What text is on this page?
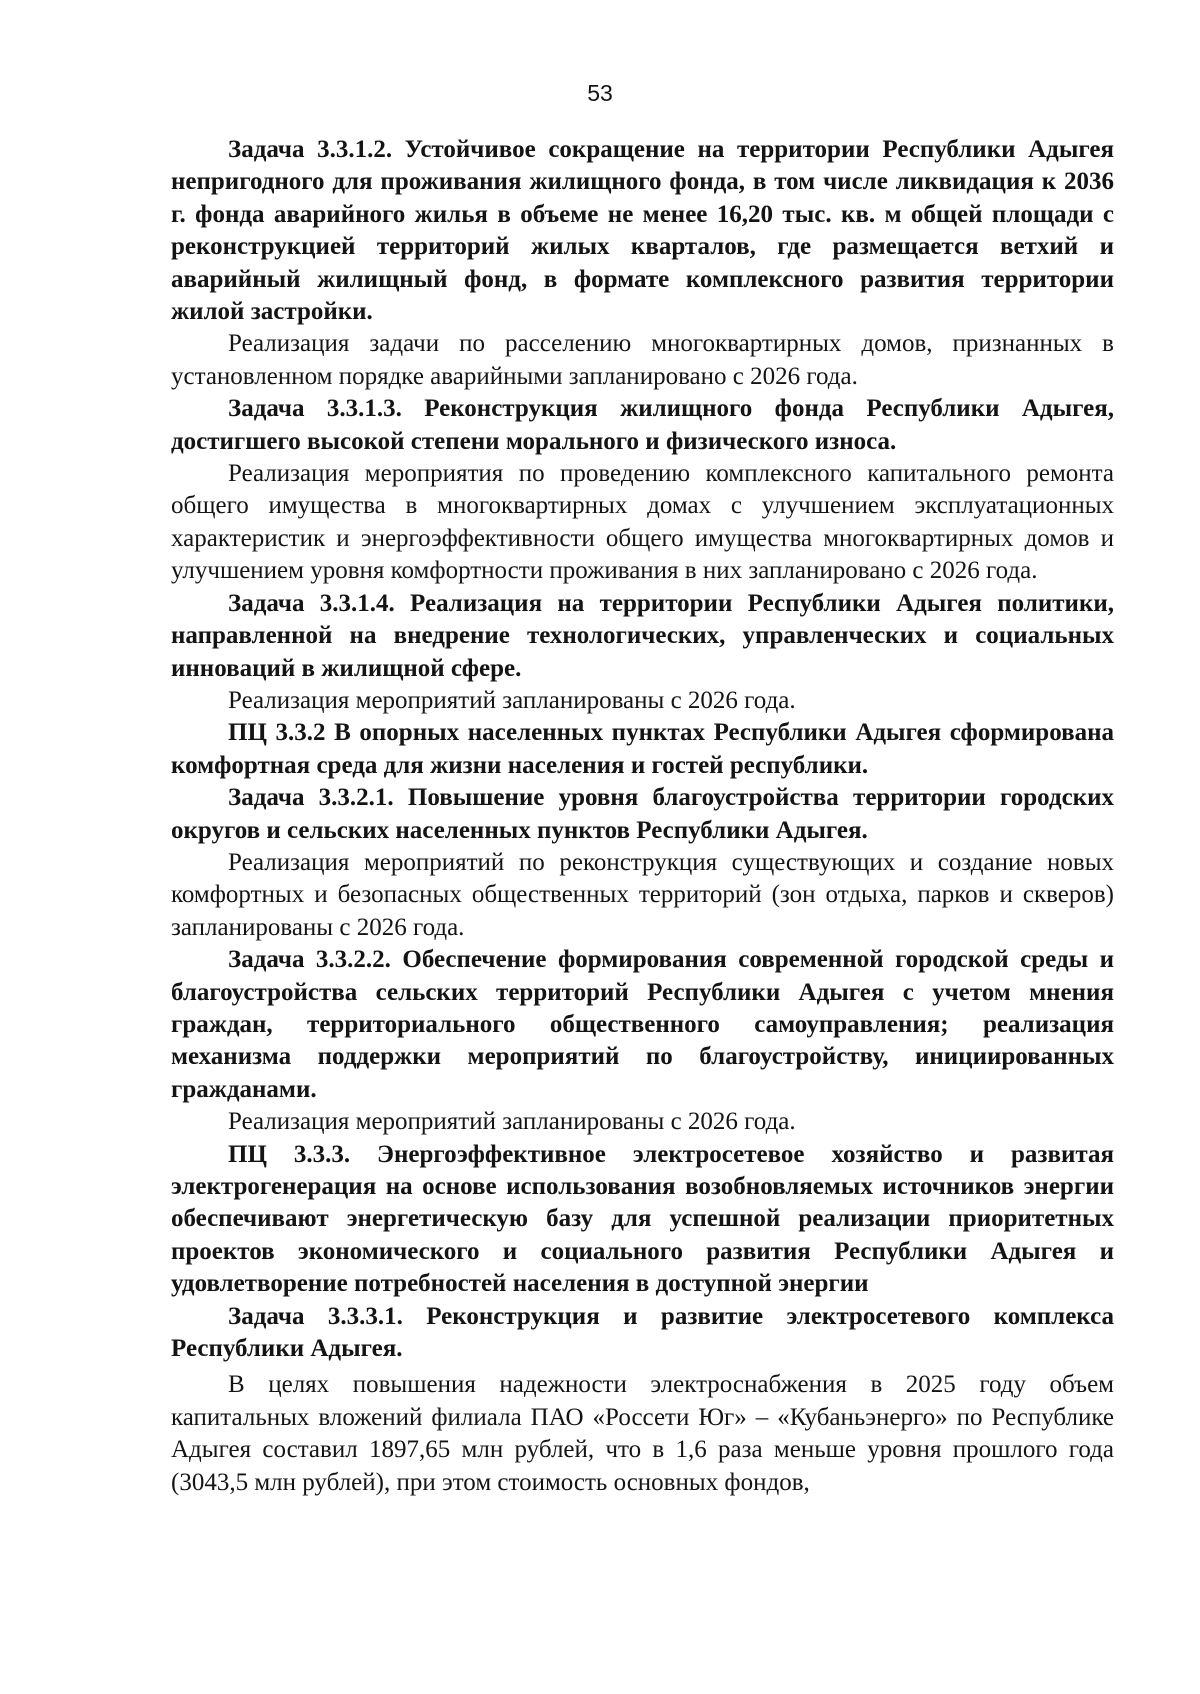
53

Задача 3.3.1.2. Устойчивое сокращение на территории Республики Адыгея непригодного для проживания жилищного фонда, в том числе ликвидация к 2036 г. фонда аварийного жилья в объеме не менее 16,20 тыс. кв. м общей площади с реконструкцией территорий жилых кварталов, где размещается ветхий и аварийный жилищный фонд, в формате комплексного развития территории жилой застройки.

Реализация задачи по расселению многоквартирных домов, признанных в установленном порядке аварийными запланировано с 2026 года.

Задача 3.3.1.3. Реконструкция жилищного фонда Республики Адыгея, достигшего высокой степени морального и физического износа.

Реализация мероприятия по проведению комплексного капитального ремонта общего имущества в многоквартирных домах с улучшением эксплуатационных характеристик и энергоэффективности общего имущества многоквартирных домов и улучшением уровня комфортности проживания в них запланировано с 2026 года.

Задача 3.3.1.4. Реализация на территории Республики Адыгея политики, направленной на внедрение технологических, управленческих и социальных инноваций в жилищной сфере.

Реализация мероприятий запланированы с 2026 года.

ПЦ 3.3.2 В опорных населенных пунктах Республики Адыгея сформирована комфортная среда для жизни населения и гостей республики.

Задача 3.3.2.1. Повышение уровня благоустройства территории городских округов и сельских населенных пунктов Республики Адыгея.

Реализация мероприятий по реконструкция существующих и создание новых комфортных и безопасных общественных территорий (зон отдыха, парков и скверов) запланированы с 2026 года.

Задача 3.3.2.2. Обеспечение формирования современной городской среды и благоустройства сельских территорий Республики Адыгея с учетом мнения граждан, территориального общественного самоуправления; реализация механизма поддержки мероприятий по благоустройству, инициированных гражданами.

Реализация мероприятий запланированы с 2026 года.

ПЦ 3.3.3. Энергоэффективное электросетевое хозяйство и развитая электрогенерация на основе использования возобновляемых источников энергии обеспечивают энергетическую базу для успешной реализации приоритетных проектов экономического и социального развития Республики Адыгея и удовлетворение потребностей населения в доступной энергии

Задача 3.3.3.1. Реконструкция и развитие электросетевого комплекса Республики Адыгея.

В целях повышения надежности электроснабжения в 2025 году объем капитальных вложений филиала ПАО «Россети Юг» – «Кубаньэнерго» по Республике Адыгея составил 1897,65 млн рублей, что в 1,6 раза меньше уровня прошлого года (3043,5 млн рублей), при этом стоимость основных фондов,
